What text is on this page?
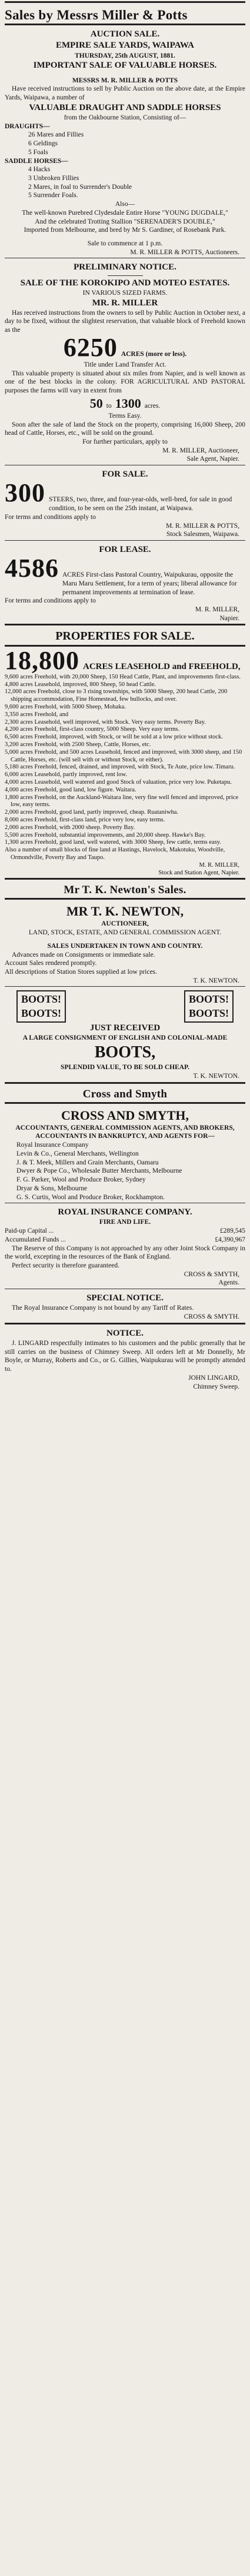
Sales by Messrs Miller & Potts
AUCTION SALE.
EMPIRE SALE YARDS, WAIPAWA
THURSDAY, 25th AUGUST, 1881.
IMPORTANT SALE OF VALUABLE HORSES.
MESSRS M. R. MILLER & POTTS
Have received instructions to sell by Public Auction on the above date, at the Empire Yards, Waipawa, a number of
VALUABLE DRAUGHT AND SADDLE HORSES
from the Oakbourne Station, Consisting of—
DRAUGHTS—
26 Mares and Fillies
6 Geldings
5 Foals
SADDLE HORSES—
4 Hacks
3 Unbroken Fillies
2 Mares, in foal to Surrender's Double
5 Surrender Foals.
Also—
The well-known Purebred Clydesdale Entire Horse "YOUNG DUGDALE,"
And the celebrated Trotting Stallion "SERENADER'S DOUBLE,"
Imported from Melbourne, and bred by Mr S. Gardiner, of Rosebank Park.
Sale to commence at 1 p.m.
M. R. MILLER & POTTS, Auctioneers.
PRELIMINARY NOTICE.
SALE OF THE KOROKIPO AND MOTEO ESTATES.
IN VARIOUS SIZED FARMS.
MR. R. MILLER
Has received instructions from the owners to sell by Public Auction in October next, a day to be fixed, without the slightest reservation, that valuable block of Freehold known as the
6250 ACRES (more or less).
Title under Land Transfer Act.
This valuable property is situated about six miles from Napier, and is well known as one of the best blocks in the colony. FOR AGRICULTURAL AND PASTORAL purposes the farms will vary in extent from
50 to 1300 acres.
Terms Easy.
Soon after the sale of land the Stock on the property, comprising 16,000 Sheep, 200 head of Cattle, Horses, etc., will be sold on the ground.
For further particulars, apply to
M. R. MILLER, Auctioneer,
Sale Agent, Napier.
FOR SALE.
300 STEERS, two, three, and four-year-olds, well-bred, for sale in good condition, to be seen on the 25th instant, at Waipawa.
For terms and conditions apply to
M. R. MILLER & POTTS,
Stock Salesmen, Waipawa.
FOR LEASE.
4586 ACRES First-class Pastoral Country, Waipukurau, opposite the Maru Maru Settlement, for a term of years; liberal allowance for permanent improvements at termination of lease.
For terms and conditions apply to
M. R. MILLER,
Napier.
PROPERTIES FOR SALE.
18,800 ACRES LEASEHOLD and FREEHOLD,
9,600 acres Freehold, with 20,000 Sheep, 150 Head Cattle, Plant, and improvements first-class.
4,800 acres Leasehold, improved, 800 Sheep, 50 head Cattle.
12,000 acres Freehold, close to 3 rising townships, with 5000 Sheep, 200 head Cattle, 200 shipping accommodation, Fine Homestead, few bullocks, and over.
9,600 acres Freehold, with 5000 Sheep, Mohaka.
3,350 acres Freehold, and
2,300 acres Leasehold, well improved, with Stock. Very easy terms. Poverty Bay.
4,200 acres Freehold, first-class country, 5000 Sheep. Very easy terms.
6,500 acres Freehold, improved, with Stock, or will be sold at a low price without stock.
3,200 acres Freehold, with 2500 Sheep, Cattle, Horses, etc.
5,000 acres Freehold, and 500 acres Leasehold, fenced and improved, with 3000 sheep, and 150 Cattle, Horses, etc. (will sell with or without Stock, or either).
5,180 acres Freehold, fenced, drained, and improved, with Stock, Te Aute, price low. Timaru.
6,000 acres Leasehold, partly improved, rent low.
4,000 acres Leasehold, well watered and good Stock of valuation, price very low. Puketapu.
4,000 acres Freehold, good land, low figure. Waitara.
1,800 acres Freehold, on the Auckland-Waitara line, very fine well fenced and improved, price low, easy terms.
2,000 acres Freehold, good land, partly improved, cheap. Ruataniwha.
8,000 acres Freehold, first-class land, price very low, easy terms.
2,000 acres Freehold, with 2000 sheep. Poverty Bay.
5,500 acres Freehold, substantial improvements, and 20,000 sheep. Hawke's Bay.
1,300 acres Freehold, good land, well watered, with 3000 Sheep, few cattle, terms easy.
Also a number of small blocks of fine land at Hastings, Havelock, Makotuku, Woodville, Ormondville, Poverty Bay and Taupo.
M. R. MILLER,
Stock and Station Agent, Napier.
Mr T. K. Newton's Sales.
MR T. K. NEWTON,
AUCTIONEER,
LAND, STOCK, ESTATE, AND GENERAL COMMISSION AGENT.
SALES UNDERTAKEN IN TOWN AND COUNTRY.
Advances made on Consignments or immediate sale.
Account Sales rendered promptly.
All descriptions of Station Stores supplied at low prices.
T. K. NEWTON.
BOOTS!
BOOTS!
BOOTS!
BOOTS!
JUST RECEIVED
A LARGE CONSIGNMENT OF ENGLISH AND COLONIAL-MADE
BOOTS,
SPLENDID VALUE, TO BE SOLD CHEAP.
T. K. NEWTON.
Cross and Smyth
CROSS AND SMYTH,
ACCOUNTANTS, GENERAL COMMISSION AGENTS, AND BROKERS,
ACCOUNTANTS IN BANKRUPTCY, AND AGENTS FOR—
Royal Insurance Company
Levin & Co., General Merchants, Wellington
J. & T. Meek, Millers and Grain Merchants, Oamaru
Dwyer & Pope Co., Wholesale Butter Merchants, Melbourne
F. G. Parker, Wool and Produce Broker, Sydney
Dryar & Sons, Melbourne
G. S. Curtis, Wool and Produce Broker, Rockhampton.
ROYAL INSURANCE COMPANY.
FIRE AND LIFE.
Paid-up Capital ...	£289,545
Accumulated Funds ...	£4,390,967
The Reserve of this Company is not approached by any other Joint Stock Company in the world, excepting in the resources of the Bank of England.
Perfect security is therefore guaranteed.
CROSS & SMYTH,
Agents.
SPECIAL NOTICE.
The Royal Insurance Company is not bound by any Tariff of Rates.
CROSS & SMYTH.
NOTICE.
J. LINGARD respectfully intimates to his customers and the public generally that he still carries on the business of Chimney Sweep. All orders left at Mr Donnelly, Mr Boyle, or Murray, Roberts and Co., or G. Gillies, Waipukurau will be promptly attended to.
JOHN LINGARD,
Chimney Sweep.
